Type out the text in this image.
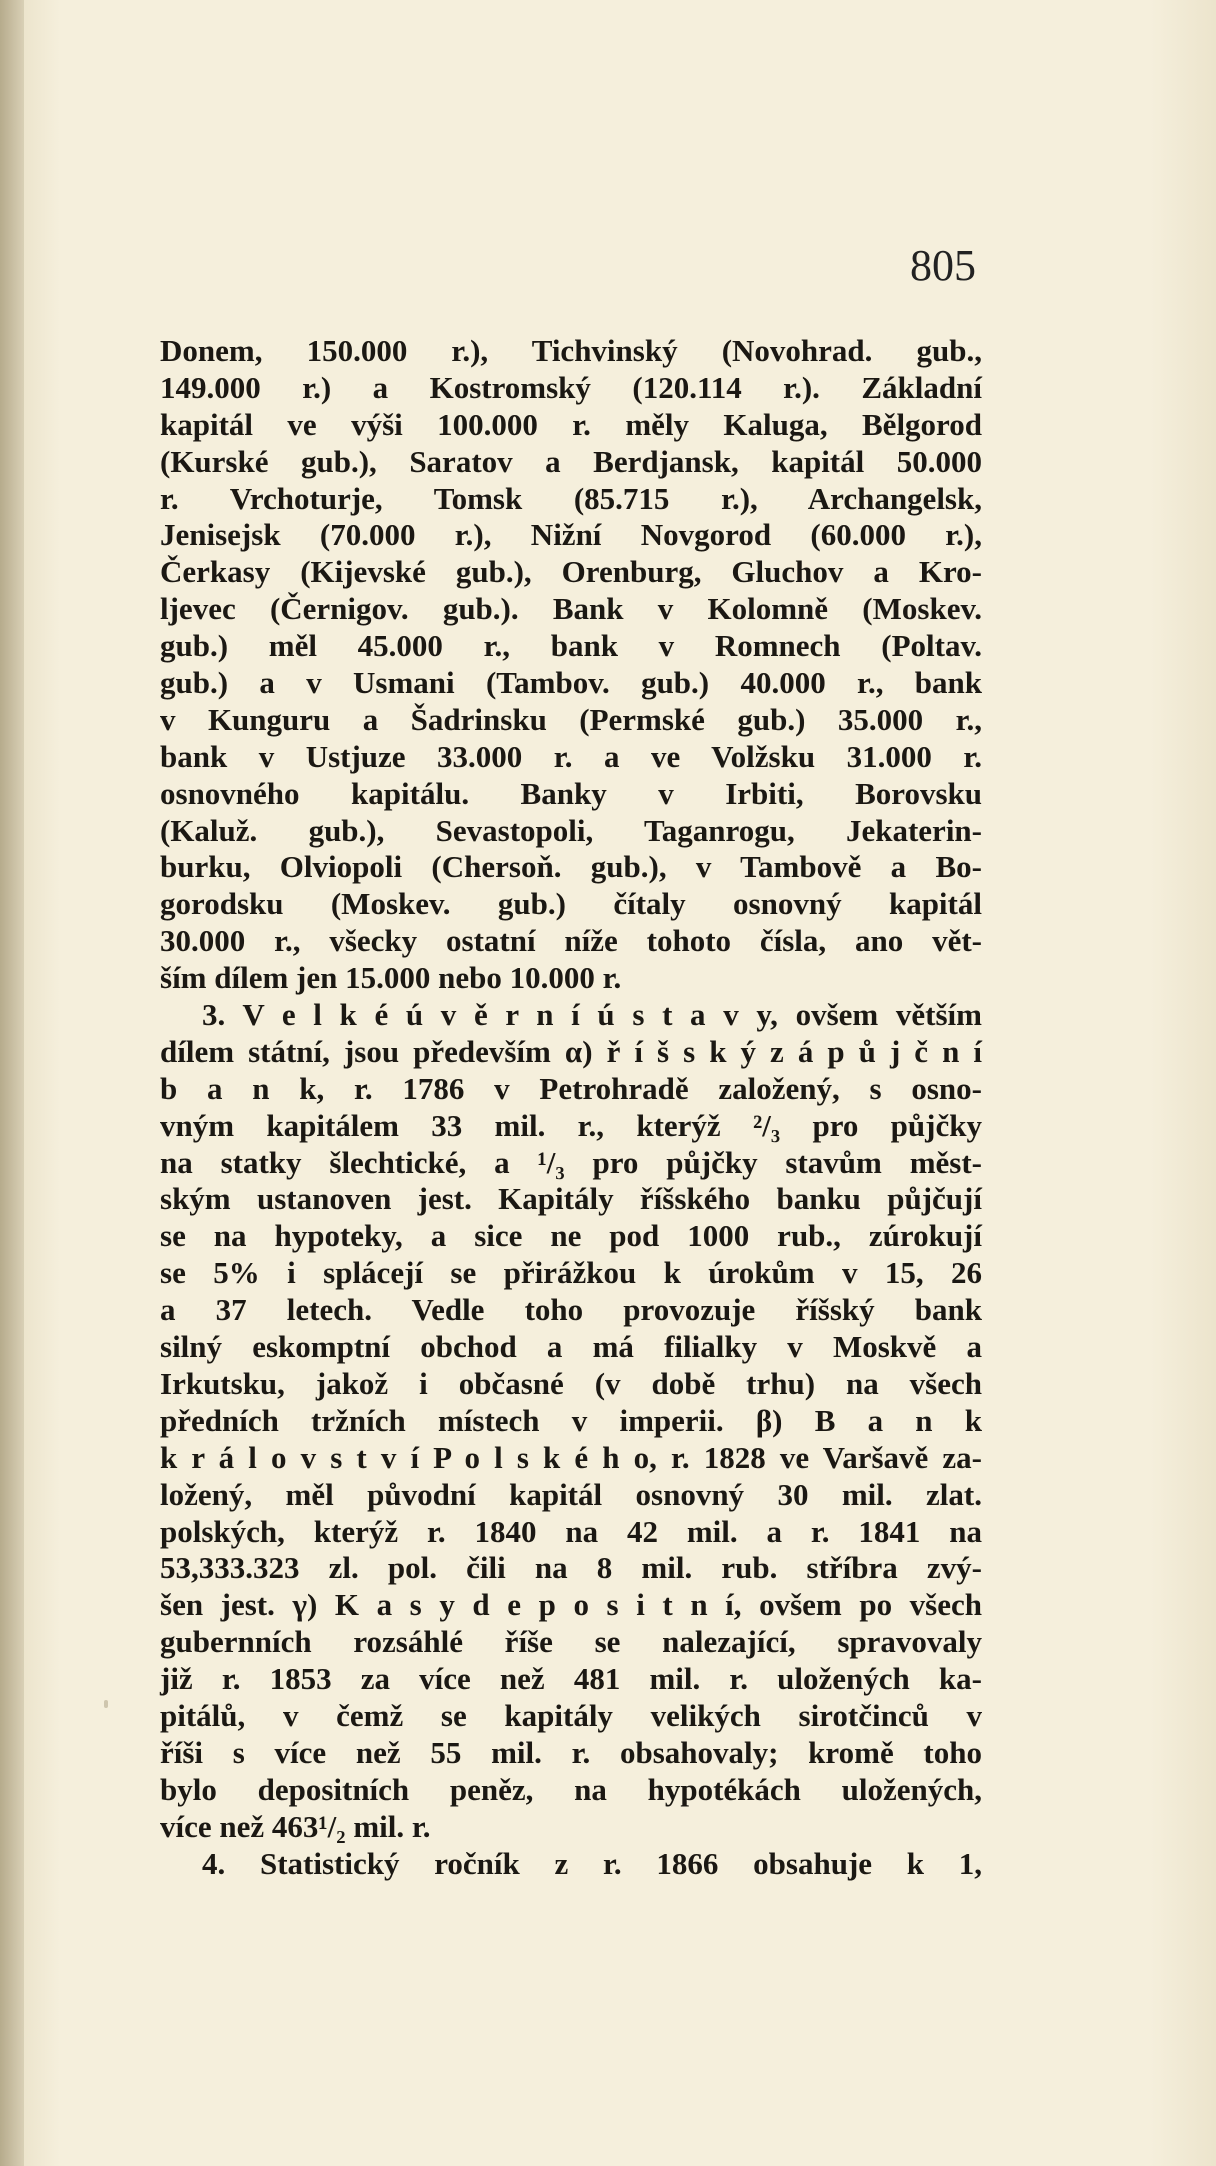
805
Donem, 150.000 r.), Tichvinský (Novohrad. gub.,
149.000 r.) a Kostromský (120.114 r.). Základní
kapitál ve výši 100.000 r. měly Kaluga, Bělgorod
(Kurské gub.), Saratov a Berdjansk, kapitál 50.000
r. Vrchoturje, Tomsk (85.715 r.), Archangelsk,
Jenisejsk (70.000 r.), Nižní Novgorod (60.000 r.),
Čerkasy (Kijevské gub.), Orenburg, Gluchov a Kro-
ljevec (Černigov. gub.). Bank v Kolomně (Moskev.
gub.) měl 45.000 r., bank v Romnech (Poltav.
gub.) a v Usmani (Tambov. gub.) 40.000 r., bank
v Kunguru a Šadrinsku (Permské gub.) 35.000 r.,
bank v Ustjuze 33.000 r. a ve Volžsku 31.000 r.
osnovného kapitálu. Banky v Irbiti, Borovsku
(Kaluž. gub.), Sevastopoli, Taganrogu, Jekaterin-
burku, Olviopoli (Chersoň. gub.), v Tambově a Bo-
gorodsku (Moskev. gub.) čítaly osnovný kapitál
30.000 r., všecky ostatní níže tohoto čísla, ano vět-
ším dílem jen 15.000 nebo 10.000 r.
3. V e l k é ú v ě r n í ú s t a v y, ovšem větším
dílem státní, jsou především α) ř í š s k ý z á p ů j č n í
b a n k, r. 1786 v Petrohradě založený, s osno-
vným kapitálem 33 mil. r., kterýž ²/₃ pro půjčky
na statky šlechtické, a ¹/₃ pro půjčky stavům měst-
ským ustanoven jest. Kapitály říšského banku půjčují
se na hypoteky, a sice ne pod 1000 rub., zúrokují
se 5% i splácejí se přirážkou k úrokům v 15, 26
a 37 letech. Vedle toho provozuje říšský bank
silný eskomptní obchod a má filialky v Moskvě a
Irkutsku, jakož i občasné (v době trhu) na všech
předních tržních místech v imperii. β) B a n k
k r á l o v s t v í P o l s k é h o, r. 1828 ve Varšavě za-
ložený, měl původní kapitál osnovný 30 mil. zlat.
polských, kterýž r. 1840 na 42 mil. a r. 1841 na
53,333.323 zl. pol. čili na 8 mil. rub. stříbra zvý-
šen jest. γ) K a s y d e p o s i t n í, ovšem po všech
gubernních rozsáhlé říše se nalezající, spravovaly
již r. 1853 za více než 481 mil. r. uložených ka-
pitálů, v čemž se kapitály velikých sirotčinců v
říši s více než 55 mil. r. obsahovaly; kromě toho
bylo depositních peněz, na hypotékách uložených,
více než 463¹/₂ mil. r.
4. Statistický ročník z r. 1866 obsahuje k 1,
